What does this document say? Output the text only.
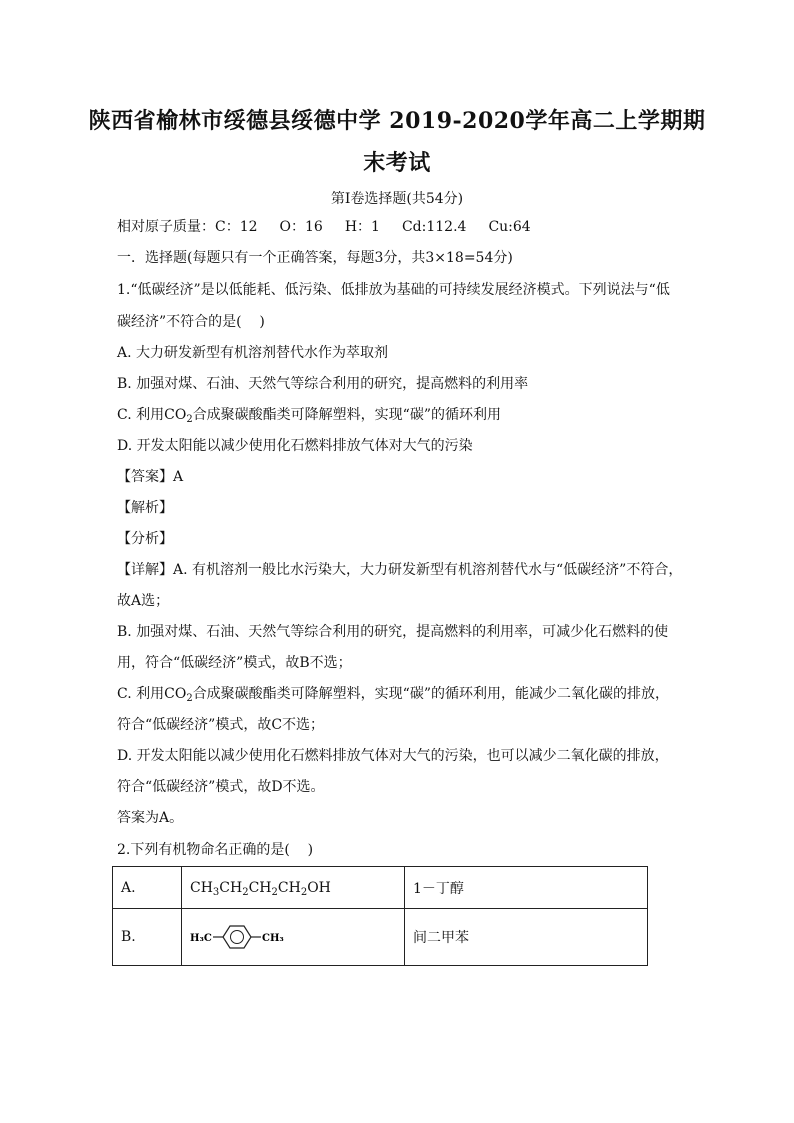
陕西省榆林市绥德县绥德中学 2019-2020学年高二上学期期
末考试
第I卷选择题(共54分)
相对原子质量：C：12 O：16 H：1 Cd:112.4 Cu:64
一．选择题(每题只有一个正确答案，每题3分，共3×18=54分)
1.“低碳经济”是以低能耗、低污染、低排放为基础的可持续发展经济模式。下列说法与“低
碳经济”不符合的是(    )
A. 大力研发新型有机溶剂替代水作为萃取剂
B. 加强对煤、石油、天然气等综合利用的研究，提高燃料的利用率
C. 利用$CO_2$合成聚碳酸酯类可降解塑料，实现“碳”的循环利用
D. 开发太阳能以减少使用化石燃料排放气体对大气的污染
【答案】A
【解析】
【分析】
【详解】A. 有机溶剂一般比水污染大，大力研发新型有机溶剂替代水与“低碳经济”不符合，
故A选；
B. 加强对煤、石油、天然气等综合利用的研究，提高燃料的利用率，可减少化石燃料的使
用，符合“低碳经济”模式，故B不选；
C. 利用$CO_2$合成聚碳酸酯类可降解塑料，实现“碳”的循环利用，能减少二氧化碳的排放，
符合“低碳经济”模式，故C不选；
D. 开发太阳能以减少使用化石燃料排放气体对大气的污染，也可以减少二氧化碳的排放，
符合“低碳经济”模式，故D不选。
答案为A。
2.下列有机物命名正确的是(    )
A.	$CH_3CH_2CH_2CH_2OH$	1－丁醇
B.	H₃C CH₃	间二甲苯
